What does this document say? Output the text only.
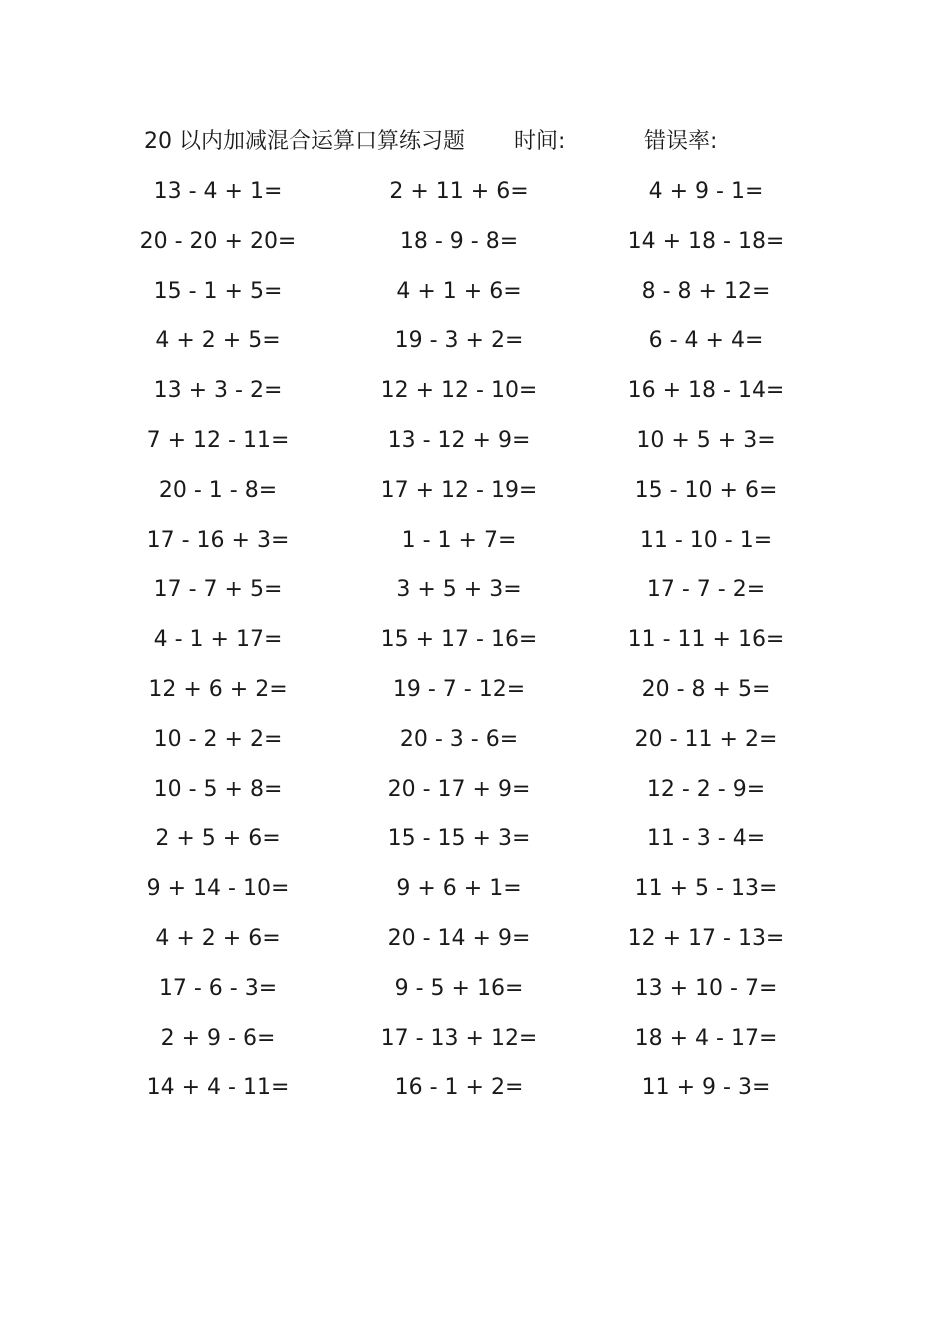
20 以内加减混合运算口算练习题 时间:	错误率:
13 - 4 + 1=	2 + 11 + 6=	4 + 9 - 1=
20 - 20 + 20=	18 - 9 - 8=	14 + 18 - 18=
15 - 1 + 5=	4 + 1 + 6=	8 - 8 + 12=
4 + 2 + 5=	19 - 3 + 2=	6 - 4 + 4=
13 + 3 - 2=	12 + 12 - 10=	16 + 18 - 14=
7 + 12 - 11=	13 - 12 + 9=	10 + 5 + 3=
20 - 1 - 8=	17 + 12 - 19=	15 - 10 + 6=
17 - 16 + 3=	1 - 1 + 7=	11 - 10 - 1=
17 - 7 + 5=	3 + 5 + 3=	17 - 7 - 2=
4 - 1 + 17=	15 + 17 - 16=	11 - 11 + 16=
12 + 6 + 2=	19 - 7 - 12=	20 - 8 + 5=
10 - 2 + 2=	20 - 3 - 6=	20 - 11 + 2=
10 - 5 + 8=	20 - 17 + 9=	12 - 2 - 9=
2 + 5 + 6=	15 - 15 + 3=	11 - 3 - 4=
9 + 14 - 10=	9 + 6 + 1=	11 + 5 - 13=
4 + 2 + 6=	20 - 14 + 9=	12 + 17 - 13=
17 - 6 - 3=	9 - 5 + 16=	13 + 10 - 7=
2 + 9 - 6=	17 - 13 + 12=	18 + 4 - 17=
14 + 4 - 11=	16 - 1 + 2=	11 + 9 - 3=
